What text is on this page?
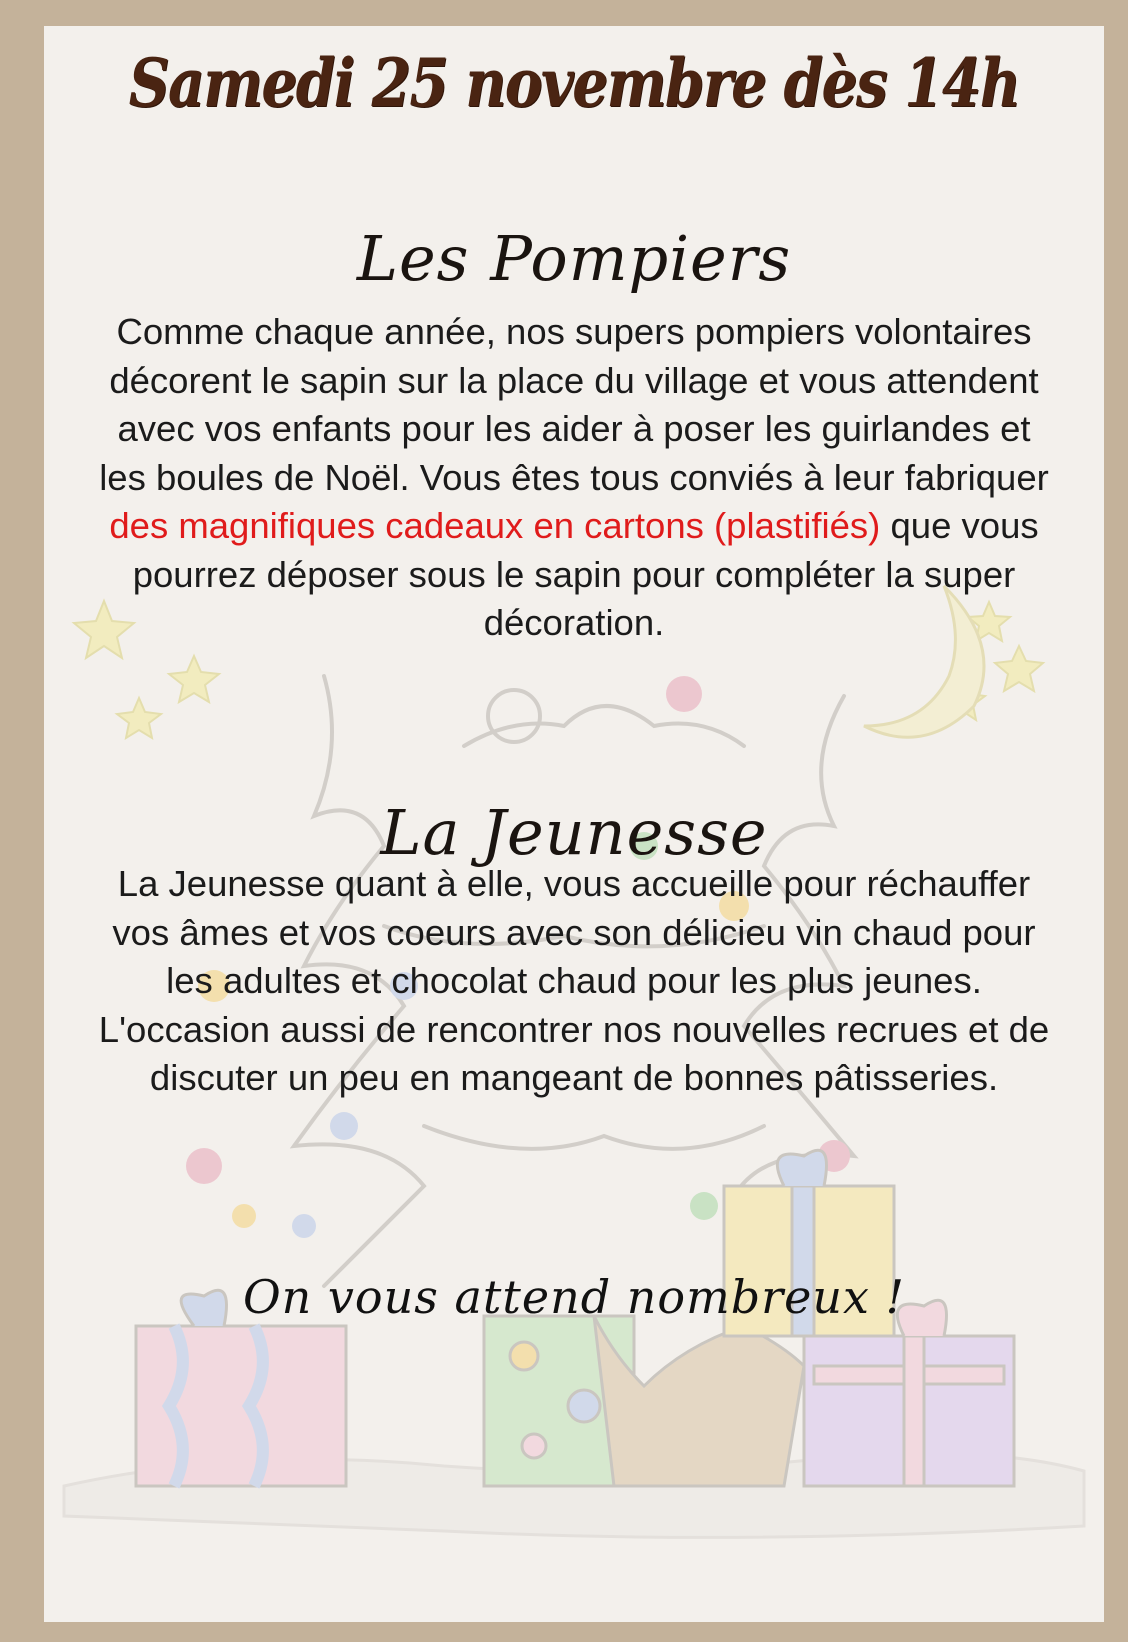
Samedi 25 novembre dès 14h
Les Pompiers
Comme chaque année, nos supers pompiers volontaires décorent le sapin sur la place du village et vous attendent avec vos enfants pour les aider à poser les guirlandes et les boules de Noël. Vous êtes tous conviés à leur fabriquer des magnifiques cadeaux en cartons (plastifiés) que vous pourrez déposer sous le sapin pour compléter la super décoration.
La Jeunesse
La Jeunesse quant à elle, vous accueille pour réchauffer vos âmes et vos coeurs avec son délicieu vin chaud pour les adultes et chocolat chaud pour les plus jeunes. L'occasion aussi de rencontrer nos nouvelles recrues et de discuter un peu en mangeant de bonnes pâtisseries.
On vous attend nombreux !
